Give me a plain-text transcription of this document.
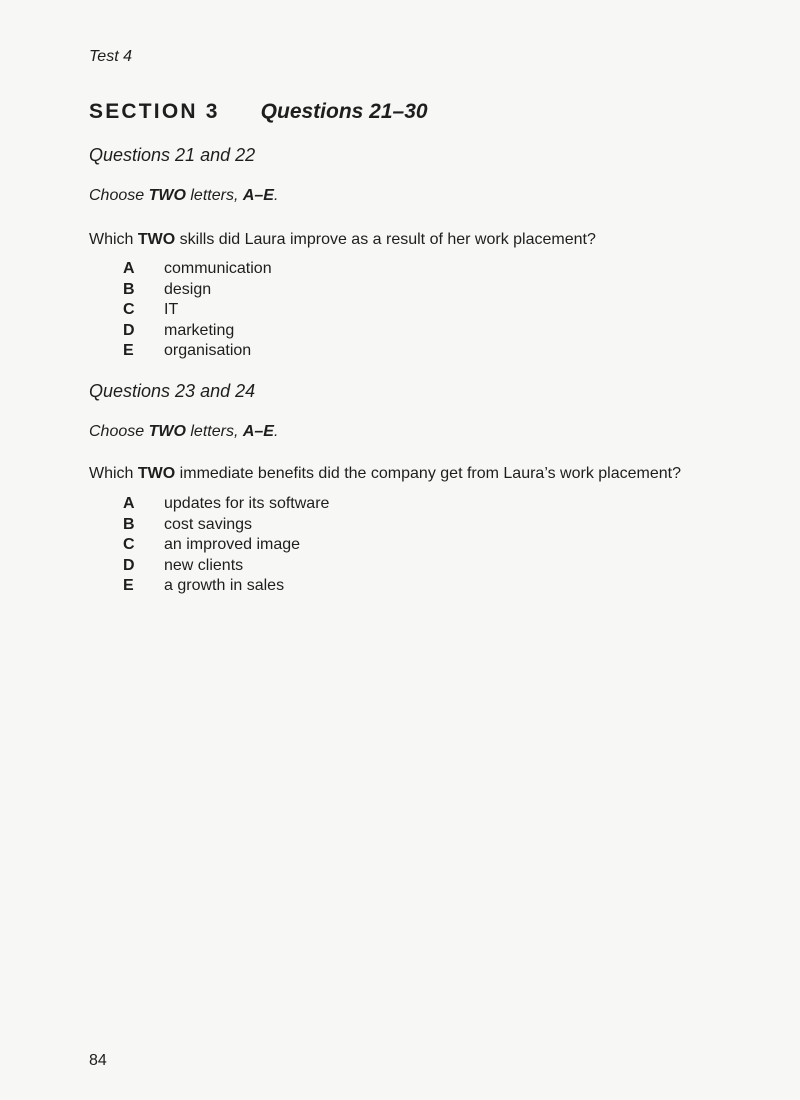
Test 4
SECTION 3 Questions 21–30
Questions 21 and 22
Choose TWO letters, A–E.
Which TWO skills did Laura improve as a result of her work placement?
A communication
B design
C IT
D marketing
E organisation
Questions 23 and 24
Choose TWO letters, A–E.
Which TWO immediate benefits did the company get from Laura’s work placement?
A updates for its software
B cost savings
C an improved image
D new clients
E a growth in sales
84
